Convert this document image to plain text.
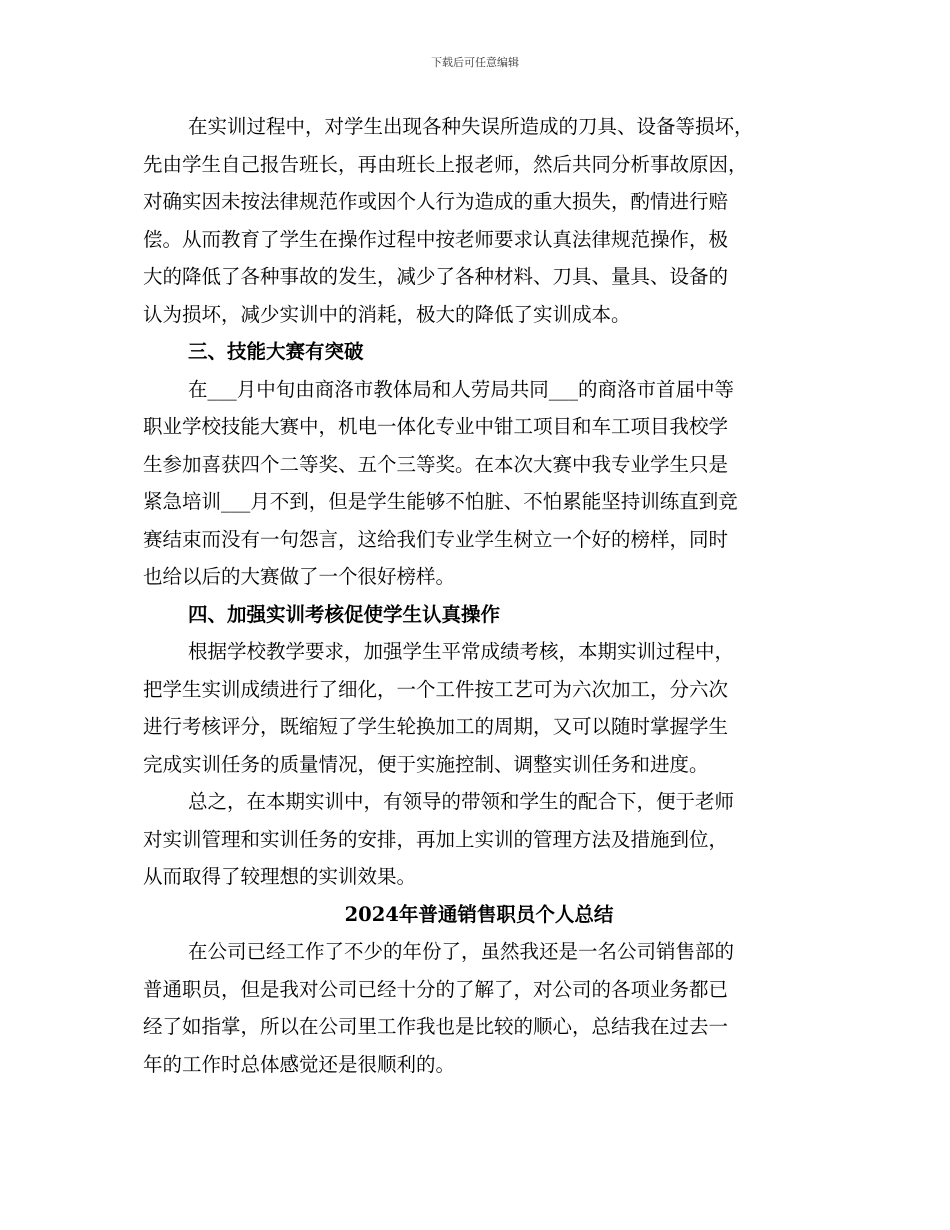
下载后可任意编辑
在实训过程中，对学生出现各种失误所造成的刀具、设备等损坏，
先由学生自己报告班长，再由班长上报老师，然后共同分析事故原因，
对确实因未按法律规范作或因个人行为造成的重大损失，酌情进行赔
偿。从而教育了学生在操作过程中按老师要求认真法律规范操作，极
大的降低了各种事故的发生，减少了各种材料、刀具、量具、设备的
认为损坏，减少实训中的消耗，极大的降低了实训成本。
三、技能大赛有突破
在___月中旬由商洛市教体局和人劳局共同___的商洛市首届中等
职业学校技能大赛中，机电一体化专业中钳工项目和车工项目我校学
生参加喜获四个二等奖、五个三等奖。在本次大赛中我专业学生只是
紧急培训___月不到，但是学生能够不怕脏、不怕累能坚持训练直到竞
赛结束而没有一句怨言，这给我们专业学生树立一个好的榜样，同时
也给以后的大赛做了一个很好榜样。
四、加强实训考核促使学生认真操作
根据学校教学要求，加强学生平常成绩考核，本期实训过程中，
把学生实训成绩进行了细化，一个工件按工艺可为六次加工，分六次
进行考核评分，既缩短了学生轮换加工的周期，又可以随时掌握学生
完成实训任务的质量情况，便于实施控制、调整实训任务和进度。
总之，在本期实训中，有领导的带领和学生的配合下，便于老师
对实训管理和实训任务的安排，再加上实训的管理方法及措施到位，
从而取得了较理想的实训效果。
2024年普通销售职员个人总结
在公司已经工作了不少的年份了，虽然我还是一名公司销售部的
普通职员，但是我对公司已经十分的了解了，对公司的各项业务都已
经了如指掌，所以在公司里工作我也是比较的顺心，总结我在过去一
年的工作时总体感觉还是很顺利的。
